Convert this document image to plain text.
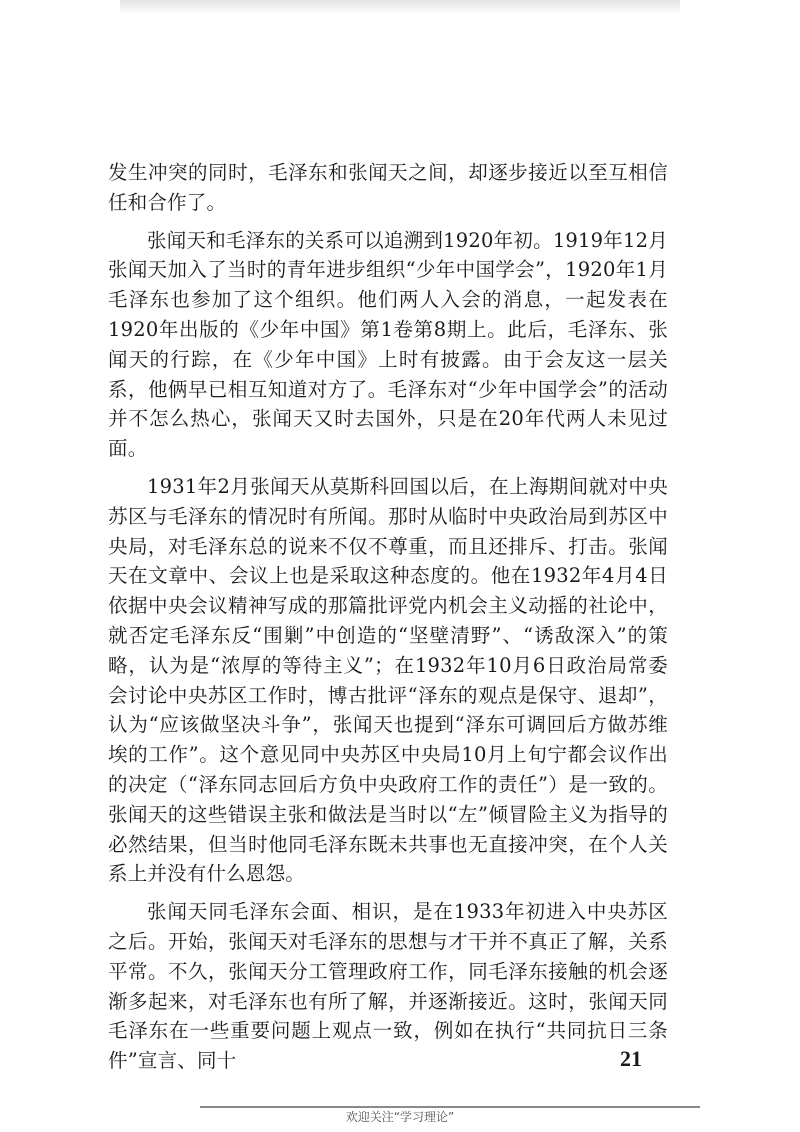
发生冲突的同时，毛泽东和张闻天之间，却逐步接近以至互相信任和合作了。

张闻天和毛泽东的关系可以追溯到1920年初。1919年12月张闻天加入了当时的青年进步组织“少年中国学会”，1920年1月毛泽东也参加了这个组织。他们两人入会的消息，一起发表在1920年出版的《少年中国》第1卷第8期上。此后，毛泽东、张闻天的行踪，在《少年中国》上时有披露。由于会友这一层关系，他俩早已相互知道对方了。毛泽东对“少年中国学会”的活动并不怎么热心，张闻天又时去国外，只是在20年代两人未见过面。

1931年2月张闻天从莫斯科回国以后，在上海期间就对中央苏区与毛泽东的情况时有所闻。那时从临时中央政治局到苏区中央局，对毛泽东总的说来不仅不尊重，而且还排斥、打击。张闻天在文章中、会议上也是采取这种态度的。他在1932年4月4日依据中央会议精神写成的那篇批评党内机会主义动摇的社论中，就否定毛泽东反“围剿”中创造的“坚壁清野”、“诱敌深入”的策略，认为是“浓厚的等待主义”；在1932年10月6日政治局常委会讨论中央苏区工作时，博古批评“泽东的观点是保守、退却”，认为“应该做坚决斗争”，张闻天也提到“泽东可调回后方做苏维埃的工作”。这个意见同中央苏区中央局10月上旬宁都会议作出的决定（“泽东同志回后方负中央政府工作的责任”）是一致的。张闻天的这些错误主张和做法是当时以“左”倾冒险主义为指导的必然结果，但当时他同毛泽东既未共事也无直接冲突，在个人关系上并没有什么恩怨。

张闻天同毛泽东会面、相识，是在1933年初进入中央苏区之后。开始，张闻天对毛泽东的思想与才干并不真正了解，关系平常。不久，张闻天分工管理政府工作，同毛泽东接触的机会逐渐多起来，对毛泽东也有所了解，并逐渐接近。这时，张闻天同毛泽东在一些重要问题上观点一致，例如在执行“共同抗日三条件”宣言、同十	21
欢迎关注“学习理论”
